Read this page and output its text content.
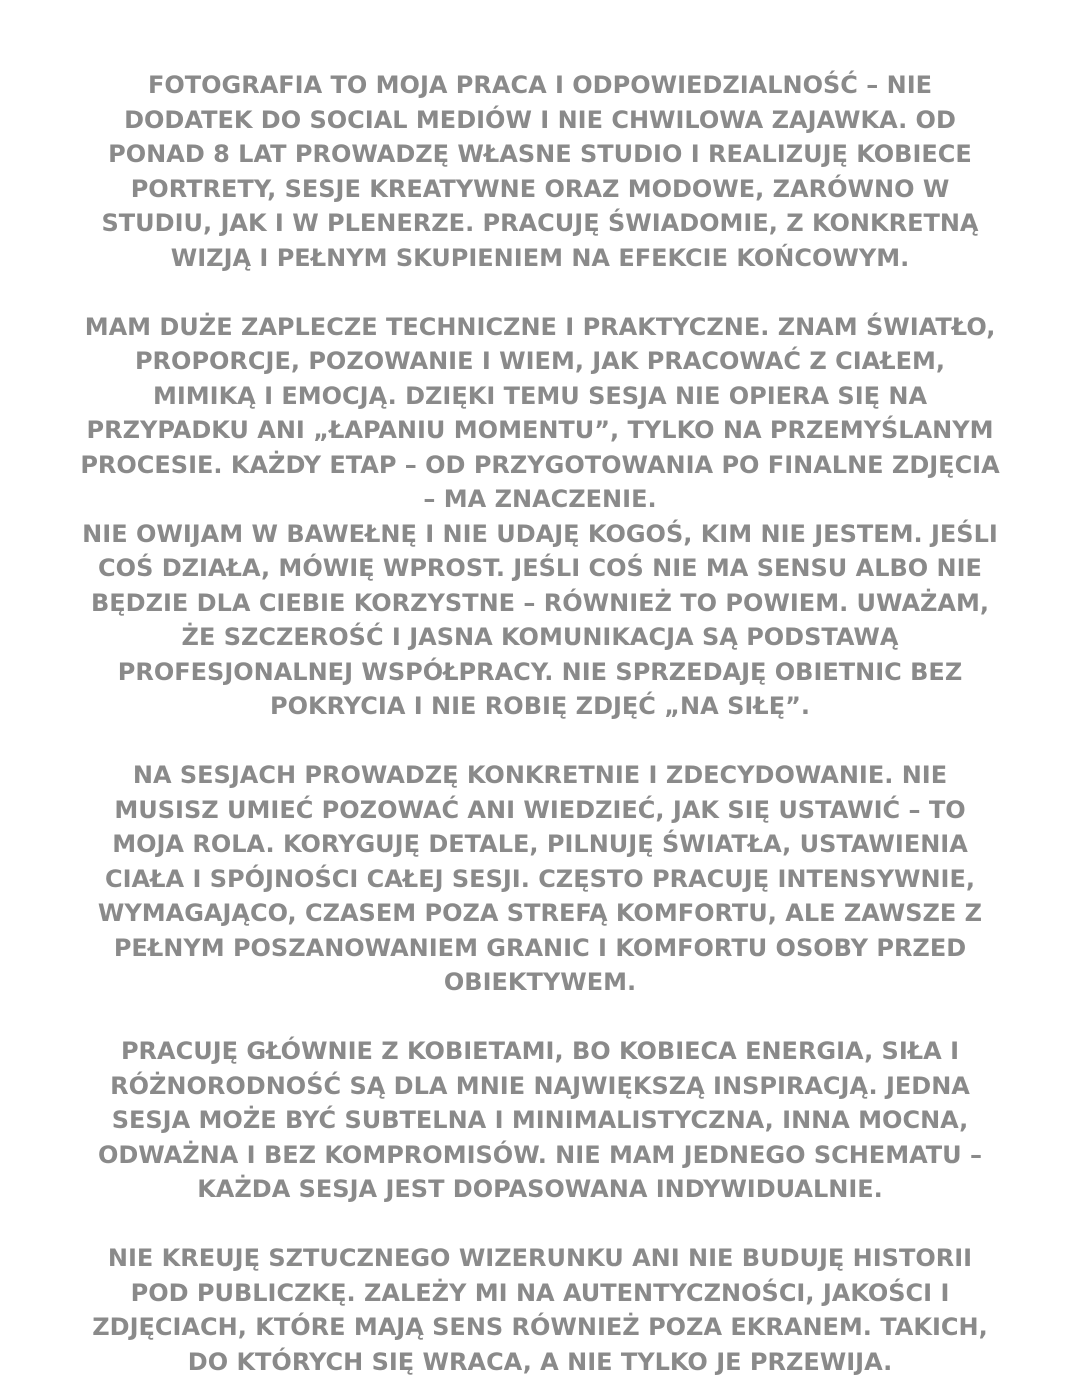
FOTOGRAFIA TO MOJA PRACA I ODPOWIEDZIALNOŚĆ – NIE DODATEK DO SOCIAL MEDIÓW I NIE CHWILOWA ZAJAWKA. OD PONAD 8 LAT PROWADZĘ WŁASNE STUDIO I REALIZUJĘ KOBIECE PORTRETY, SESJE KREATYWNE ORAZ MODOWE, ZARÓWNO W STUDIU, JAK I W PLENERZE. PRACUJĘ ŚWIADOMIE, Z KONKRETNĄ WIZJĄ I PEŁNYM SKUPIENIEM NA EFEKCIE KOŃCOWYM.

MAM DUŻE ZAPLECZE TECHNICZNE I PRAKTYCZNE. ZNAM ŚWIATŁO, PROPORCJE, POZOWANIE I WIEM, JAK PRACOWAĆ Z CIAŁEM, MIMIKĄ I EMOCJĄ. DZIĘKI TEMU SESJA NIE OPIERA SIĘ NA PRZYPADKU ANI „ŁAPANIU MOMENTU”, TYLKO NA PRZEMYŚLANYM PROCESIE. KAŻDY ETAP – OD PRZYGOTOWANIA PO FINALNE ZDJĘCIA – MA ZNACZENIE.

NIE OWIJAM W BAWEŁNĘ I NIE UDAJĘ KOGOŚ, KIM NIE JESTEM. JEŚLI COŚ DZIAŁA, MÓWIĘ WPROST. JEŚLI COŚ NIE MA SENSU ALBO NIE BĘDZIE DLA CIEBIE KORZYSTNE – RÓWNIEŻ TO POWIEM. UWAŻAM, ŻE SZCZEROŚĆ I JASNA KOMUNIKACJA SĄ PODSTAWĄ PROFESJONALNEJ WSPÓŁPRACY. NIE SPRZEDAJĘ OBIETNIC BEZ POKRYCIA I NIE ROBIĘ ZDJĘĆ „NA SIŁĘ”.

NA SESJACH PROWADZĘ KONKRETNIE I ZDECYDOWANIE. NIE MUSISZ UMIEĆ POZOWAĆ ANI WIEDZIEĆ, JAK SIĘ USTAWIĆ – TO MOJA ROLA. KORYGUJĘ DETALE, PILNUJĘ ŚWIATŁA, USTAWIENIA CIAŁA I SPÓJNOŚCI CAŁEJ SESJI. CZĘSTO PRACUJĘ INTENSYWNIE, WYMAGAJĄCO, CZASEM POZA STREFĄ KOMFORTU, ALE ZAWSZE Z PEŁNYM POSZANOWANIEM GRANIC I KOMFORTU OSOBY PRZED OBIEKTYWEM.

PRACUJĘ GŁÓWNIE Z KOBIETAMI, BO KOBIECA ENERGIA, SIŁA I RÓŻNORODNOŚĆ SĄ DLA MNIE NAJWIĘKSZĄ INSPIRACJĄ. JEDNA SESJA MOŻE BYĆ SUBTELNA I MINIMALISTYCZNA, INNA MOCNA, ODWAŻNA I BEZ KOMPROMISÓW. NIE MAM JEDNEGO SCHEMATU – KAŻDA SESJA JEST DOPASOWANA INDYWIDUALNIE.

NIE KREUJĘ SZTUCZNEGO WIZERUNKU ANI NIE BUDUJĘ HISTORII POD PUBLICZKĘ. ZALEŻY MI NA AUTENTYCZNOŚCI, JAKOŚCI I ZDJĘCIACH, KTÓRE MAJĄ SENS RÓWNIEŻ POZA EKRANEM. TAKICH, DO KTÓRYCH SIĘ WRACA, A NIE TYLKO JE PRZEWIJA.
